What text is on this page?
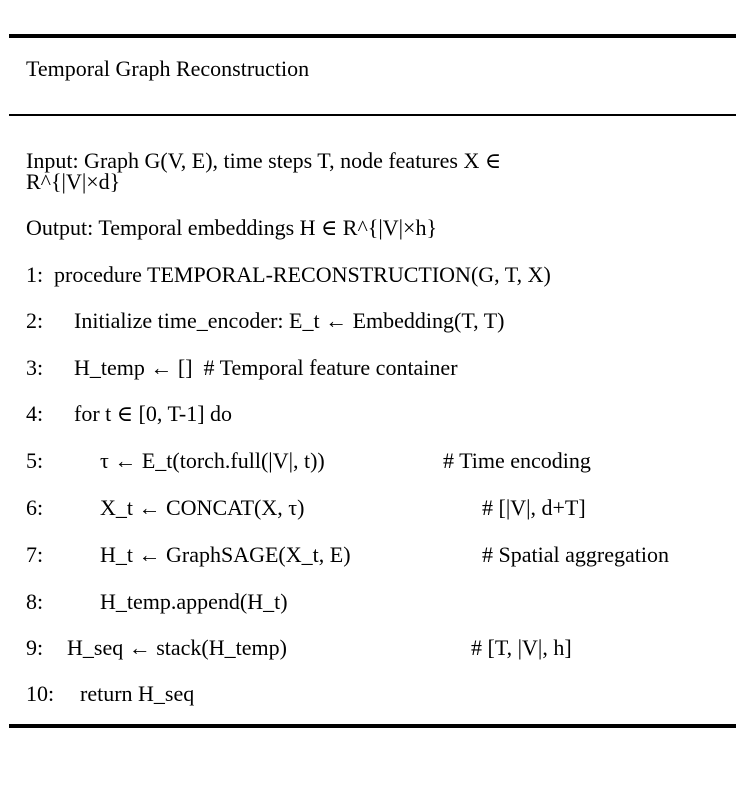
Temporal Graph Reconstruction

Input: Graph G(V, E), time steps T, node features X ∈

R^{|V|×d}

Output: Temporal embeddings H ∈ R^{|V|×h}

1:

procedure TEMPORAL-RECONSTRUCTION(G, T, X)

2:

Initialize time_encoder: E_t ← Embedding(T, T)

3:

H_temp ← []  # Temporal feature container

4:

for t ∈ [0, T-1] do

5:

	τ ← E_t(torch.full(|V|, t))

	# Time encoding

6:

	X_t ← CONCAT(X, τ)

	# [|V|, d+T]

7:

	H_t ← GraphSAGE(X_t, E)

	# Spatial aggregation

8:

	H_temp.append(H_t)

9:

H_seq ← stack(H_temp)

	# [T, |V|, h]

10:

return H_seq
